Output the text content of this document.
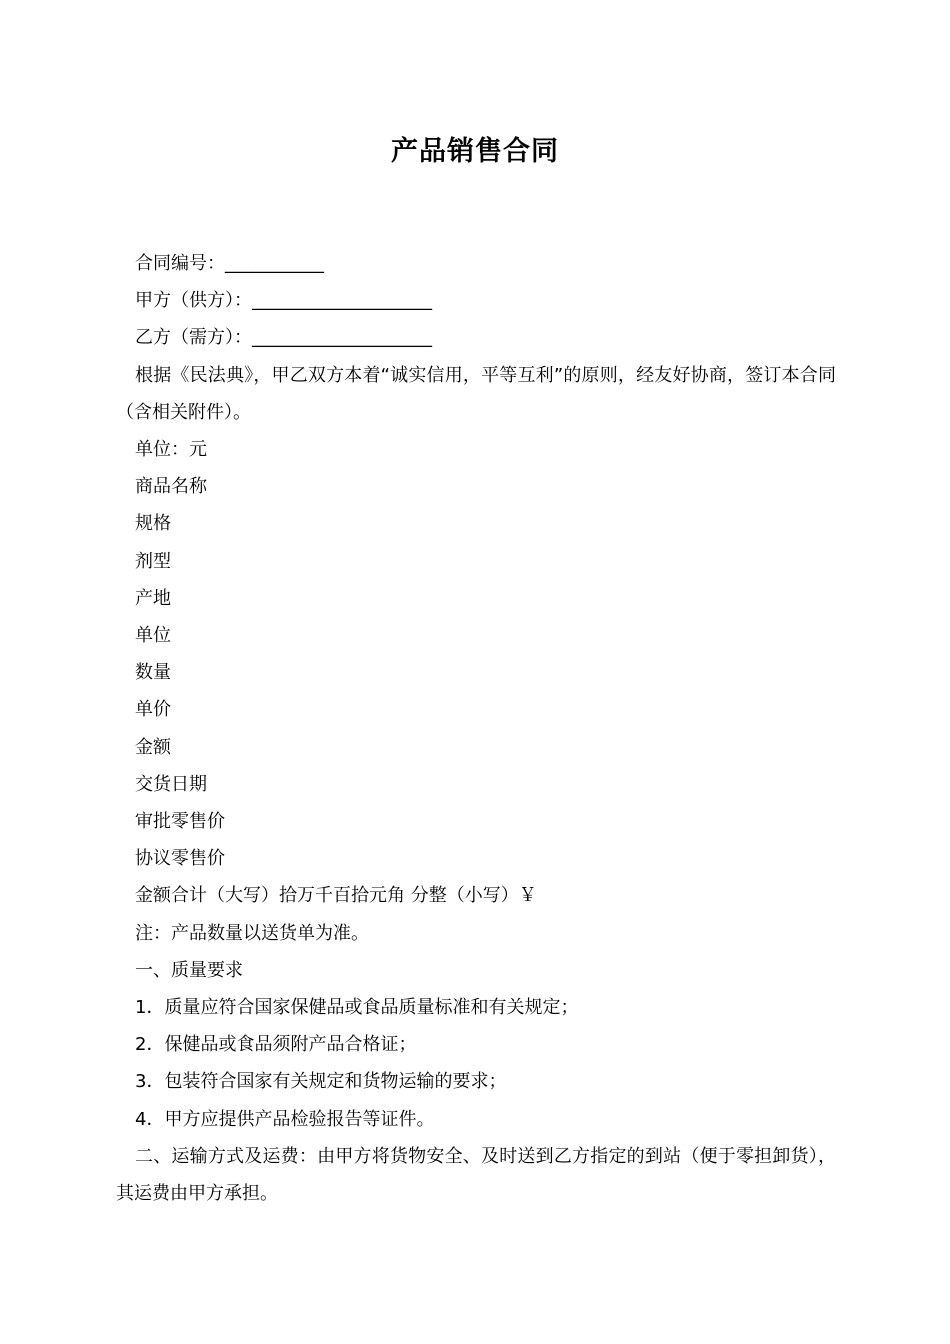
产品销售合同

合同编号：___________

甲方（供方）：____________________

乙方（需方）：____________________

根据《民法典》，甲乙双方本着“诚实信用，平等互利”的原则，经友好协商，签订本合同（含相关附件）。

单位：元

商品名称

规格

剂型

产地

单位

数量

单价

金额

交货日期

审批零售价

协议零售价

金额合计（大写）拾万千百拾元角 分整（小写）￥

注：产品数量以送货单为准。

一、质量要求

1．质量应符合国家保健品或食品质量标准和有关规定；

2．保健品或食品须附产品合格证；

3．包装符合国家有关规定和货物运输的要求；

4．甲方应提供产品检验报告等证件。

二、运输方式及运费：由甲方将货物安全、及时送到乙方指定的到站（便于零担卸货），其运费由甲方承担。
